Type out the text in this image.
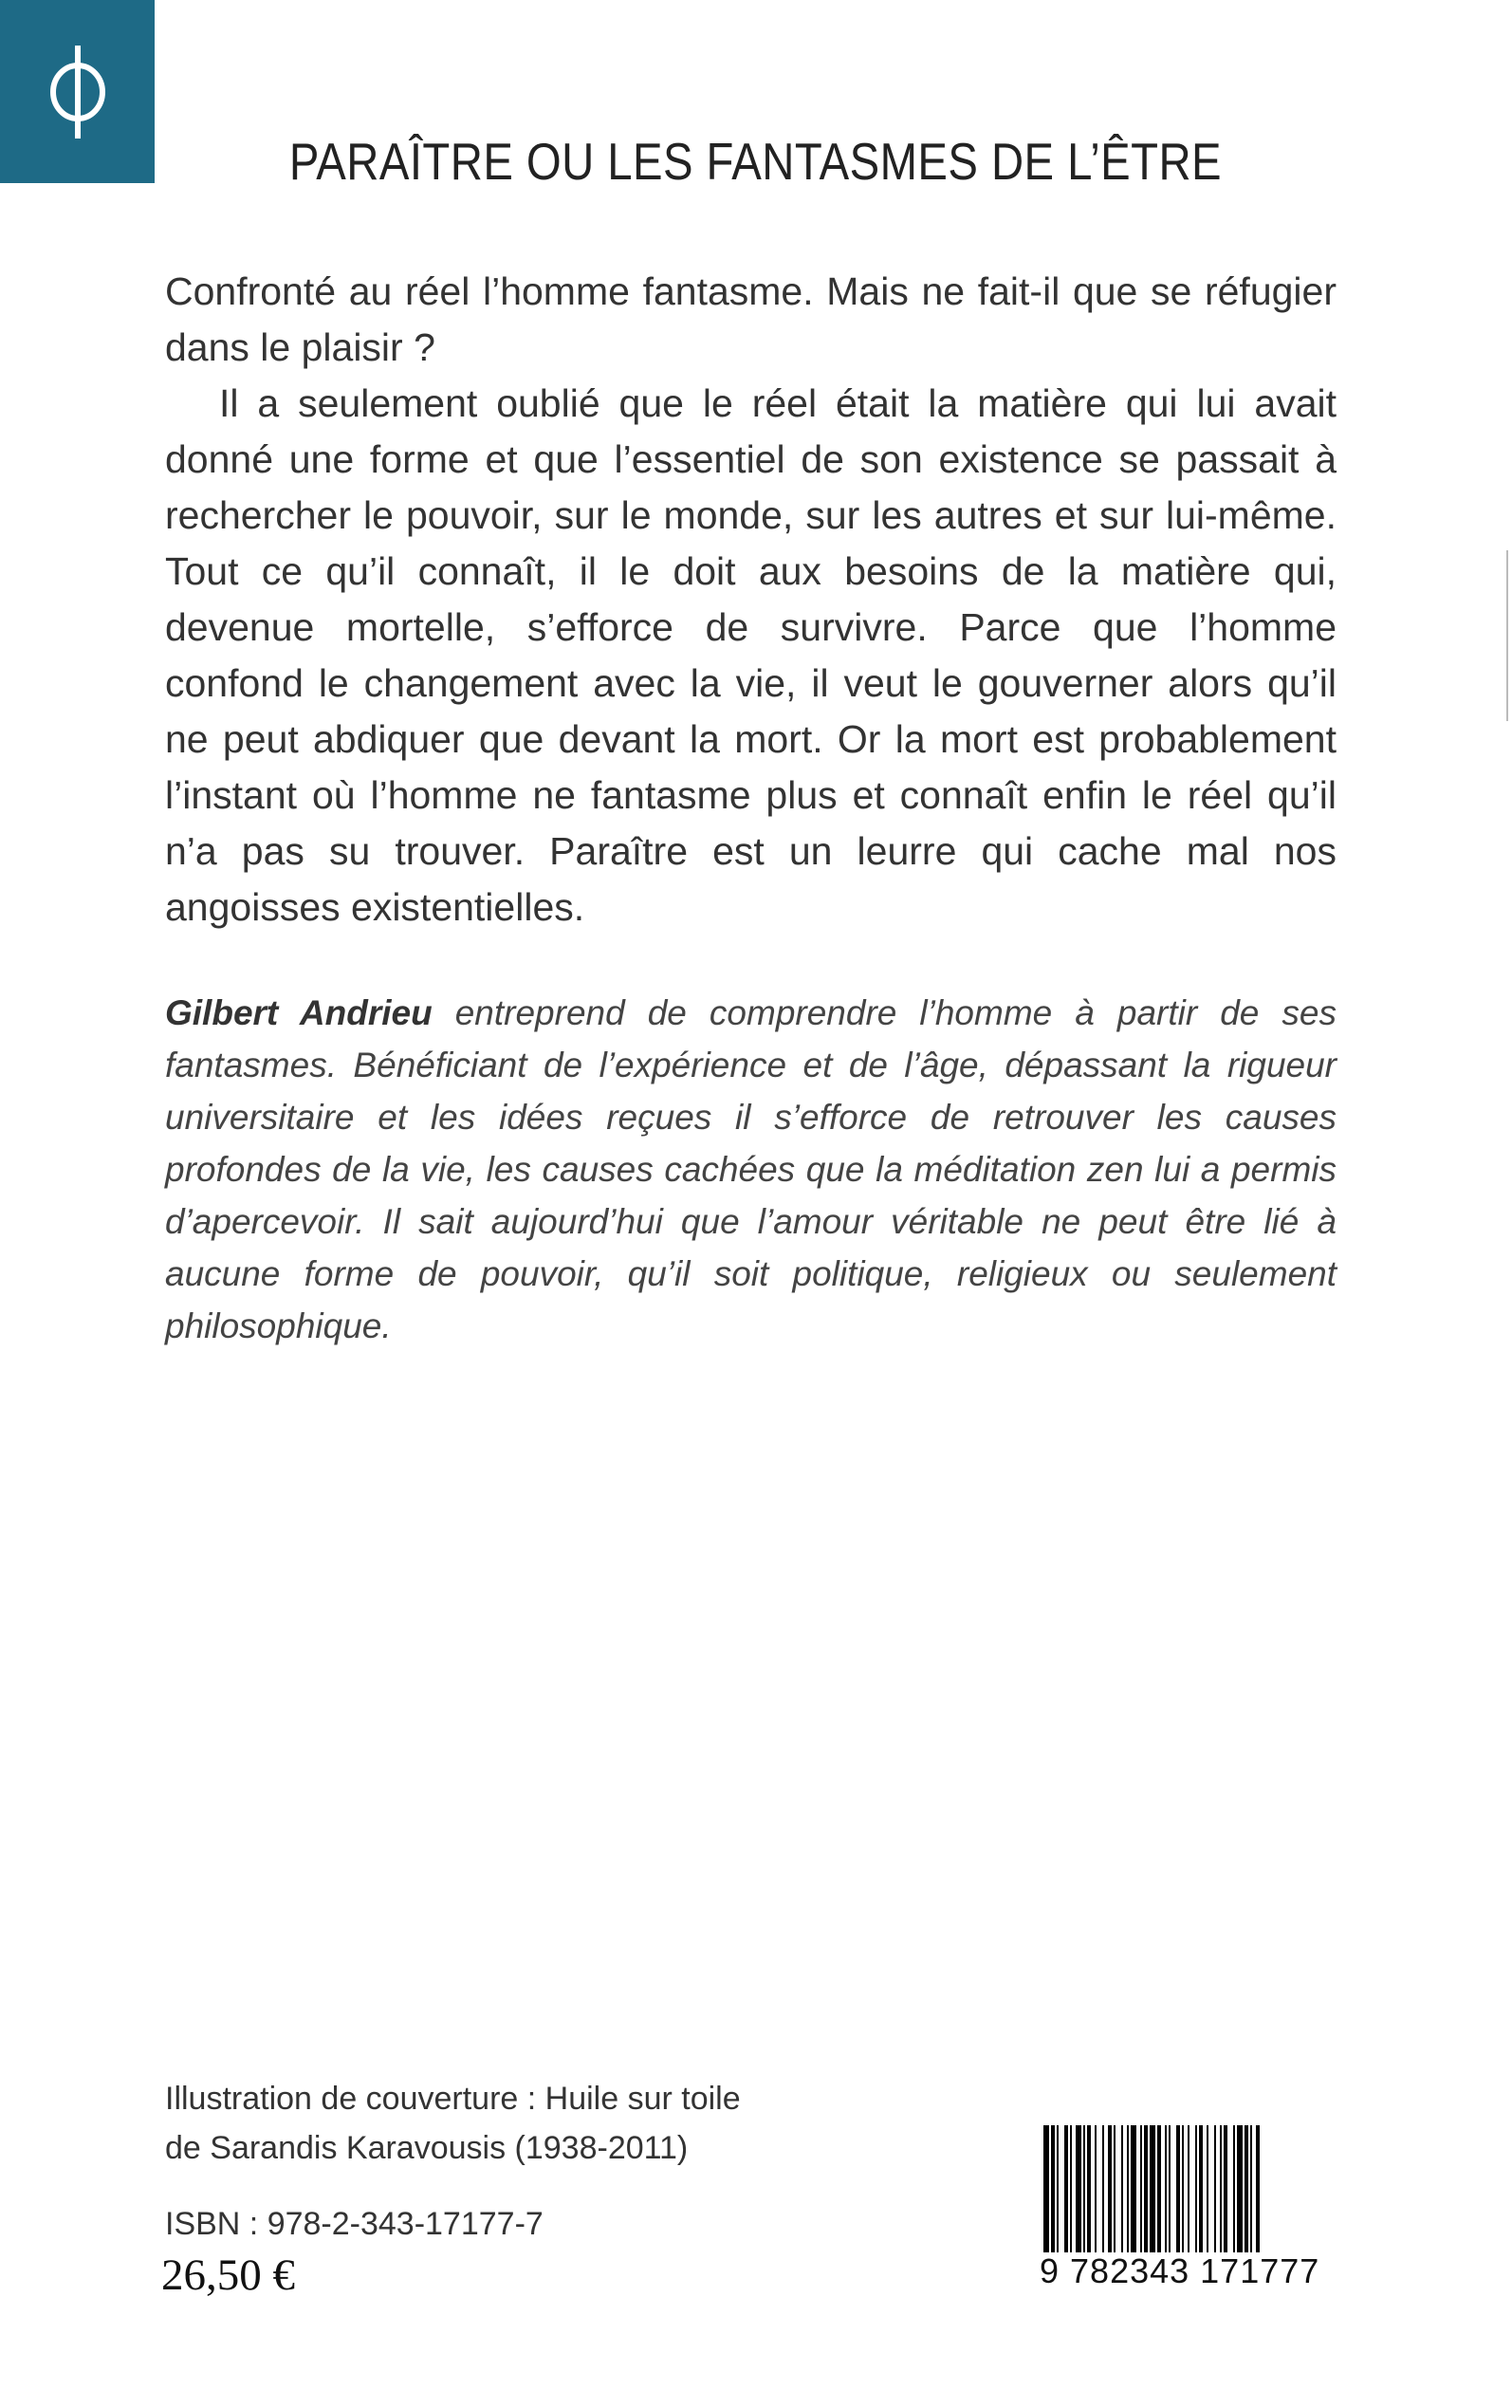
PARAÎTRE OU LES FANTASMES DE L’ÊTRE

Confronté au réel l’homme fantasme. Mais ne fait-il que se réfugier dans le plaisir ?

Il a seulement oublié que le réel était la matière qui lui avait donné une forme et que l’essentiel de son existence se passait à rechercher le pouvoir, sur le monde, sur les autres et sur lui-même. Tout ce qu’il connaît, il le doit aux besoins de la matière qui, devenue mortelle, s’efforce de survivre. Parce que l’homme confond le changement avec la vie, il veut le gouverner alors qu’il ne peut abdiquer que devant la mort. Or la mort est probablement l’instant où l’homme ne fantasme plus et connaît enfin le réel qu’il n’a pas su trouver. Paraître est un leurre qui cache mal nos angoisses existentielles.

Gilbert Andrieu entreprend de comprendre l’homme à partir de ses fantasmes. Bénéficiant de l’expérience et de l’âge, dépassant la rigueur universitaire et les idées reçues il s’efforce de retrouver les causes profondes de la vie, les causes cachées que la méditation zen lui a permis d’apercevoir. Il sait aujourd’hui que l’amour véritable ne peut être lié à aucune forme de pouvoir, qu’il soit politique, religieux ou seulement philosophique.

Illustration de couverture : Huile sur toile
de Sarandis Karavousis (1938-2011)
ISBN : 978-2-343-17177-7
26,50 €	9 782343 171777
